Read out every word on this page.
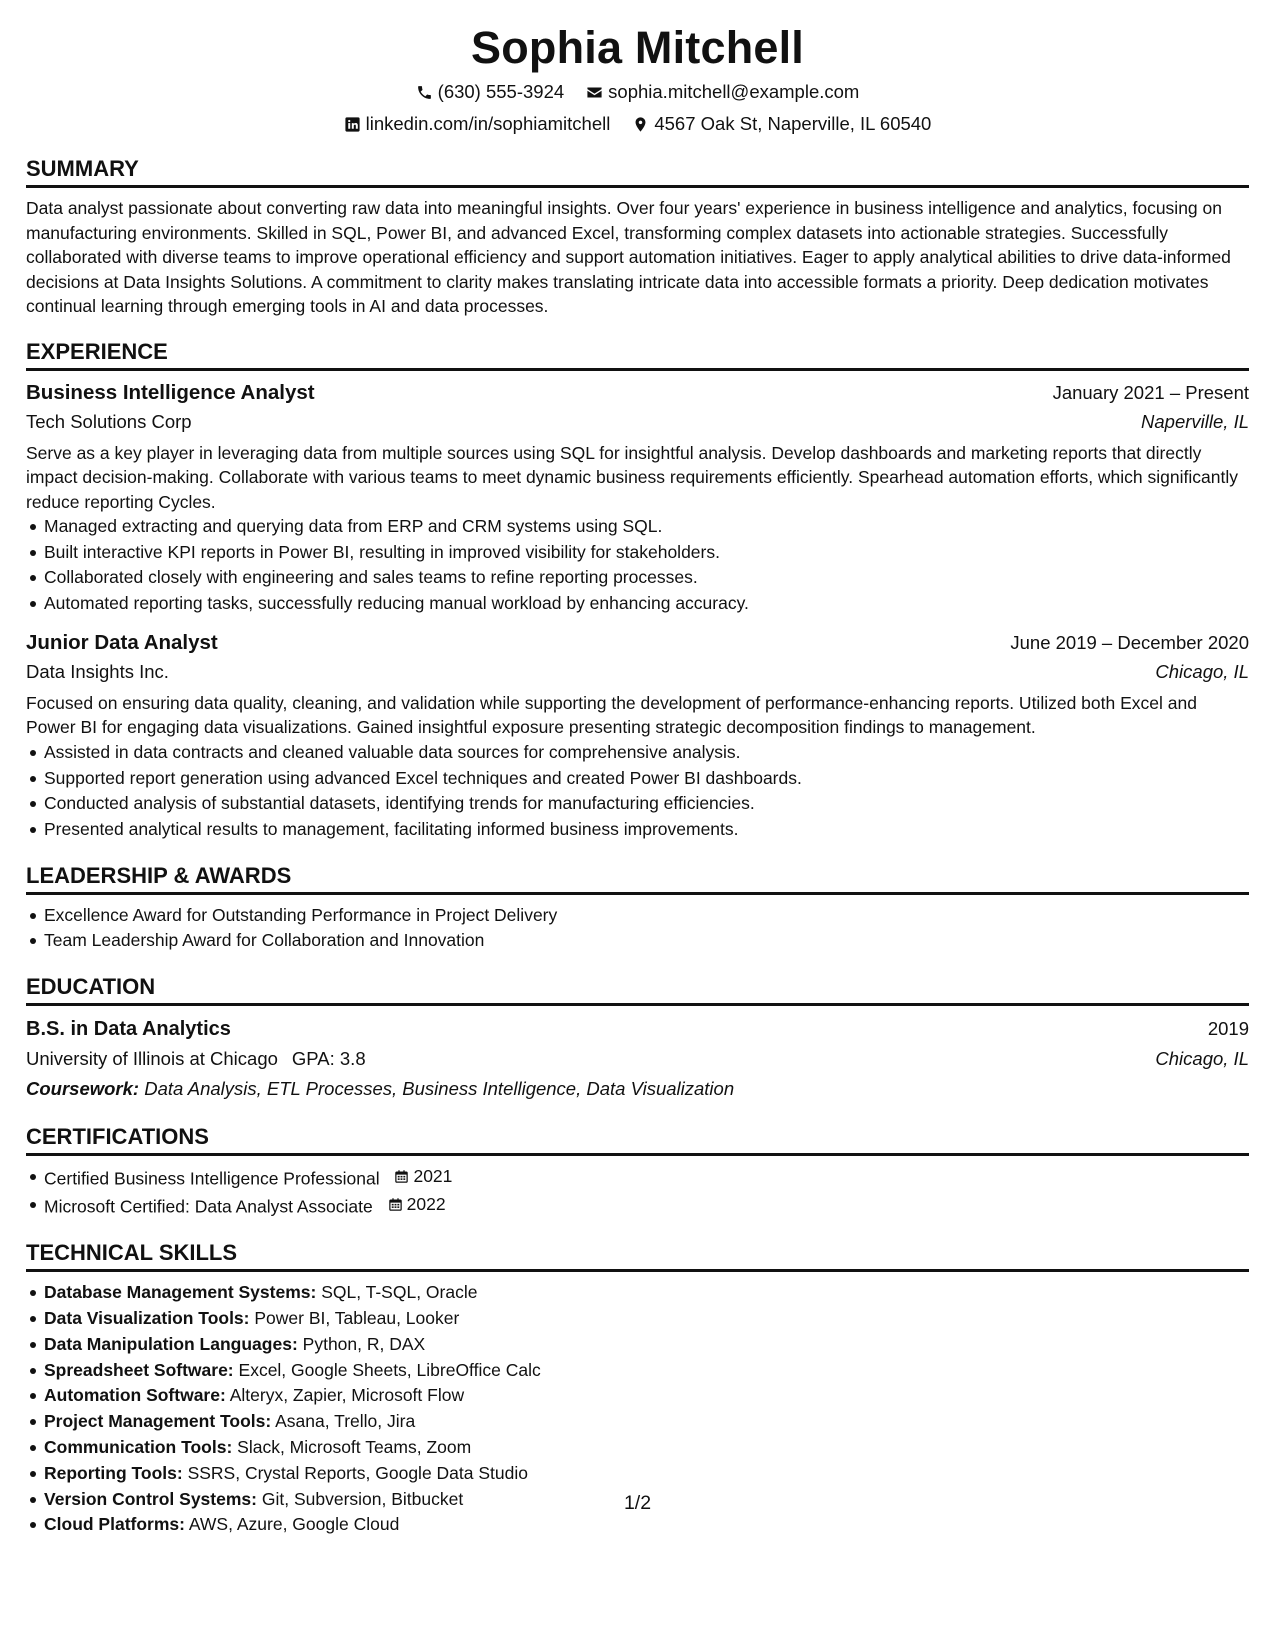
Sophia Mitchell
(630) 555-3924 sophia.mitchell@example.com
linkedin.com/in/sophiamitchell 4567 Oak St, Naperville, IL 60540
SUMMARY

Data analyst passionate about converting raw data into meaningful insights. Over four years' experience in business intelligence and analytics, focusing on manufacturing environments. Skilled in SQL, Power BI, and advanced Excel, transforming complex datasets into actionable strategies. Successfully collaborated with diverse teams to improve operational efficiency and support automation initiatives. Eager to apply analytical abilities to drive data-informed decisions at Data Insights Solutions. A commitment to clarity makes translating intricate data into accessible formats a priority. Deep dedication motivates continual learning through emerging tools in AI and data processes.

EXPERIENCE
Business Intelligence Analyst	January 2021 – Present
Tech Solutions Corp	Naperville, IL

Serve as a key player in leveraging data from multiple sources using SQL for insightful analysis. Develop dashboards and marketing reports that directly impact decision-making. Collaborate with various teams to meet dynamic business requirements efficiently. Spearhead automation efforts, which significantly reduce reporting Cycles.

Managed extracting and querying data from ERP and CRM systems using SQL.
Built interactive KPI reports in Power BI, resulting in improved visibility for stakeholders.
Collaborated closely with engineering and sales teams to refine reporting processes.
Automated reporting tasks, successfully reducing manual workload by enhancing accuracy.
Junior Data Analyst	June 2019 – December 2020
Data Insights Inc.	Chicago, IL

Focused on ensuring data quality, cleaning, and validation while supporting the development of performance-enhancing reports. Utilized both Excel and Power BI for engaging data visualizations. Gained insightful exposure presenting strategic decomposition findings to management.

Assisted in data contracts and cleaned valuable data sources for comprehensive analysis.
Supported report generation using advanced Excel techniques and created Power BI dashboards.
Conducted analysis of substantial datasets, identifying trends for manufacturing efficiencies.
Presented analytical results to management, facilitating informed business improvements.
LEADERSHIP & AWARDS
Excellence Award for Outstanding Performance in Project Delivery
Team Leadership Award for Collaboration and Innovation
EDUCATION
B.S. in Data Analytics	2019
University of Illinois at Chicago GPA: 3.8	Chicago, IL
Coursework: Data Analysis, ETL Processes, Business Intelligence, Data Visualization
CERTIFICATIONS
Certified Business Intelligence Professional 2021
Microsoft Certified: Data Analyst Associate 2022
TECHNICAL SKILLS
Database Management Systems: SQL, T-SQL, Oracle
Data Visualization Tools: Power BI, Tableau, Looker
Data Manipulation Languages: Python, R, DAX
Spreadsheet Software: Excel, Google Sheets, LibreOffice Calc
Automation Software: Alteryx, Zapier, Microsoft Flow
Project Management Tools: Asana, Trello, Jira
Communication Tools: Slack, Microsoft Teams, Zoom
Reporting Tools: SSRS, Crystal Reports, Google Data Studio
Version Control Systems: Git, Subversion, Bitbucket
Cloud Platforms: AWS, Azure, Google Cloud
1/2
